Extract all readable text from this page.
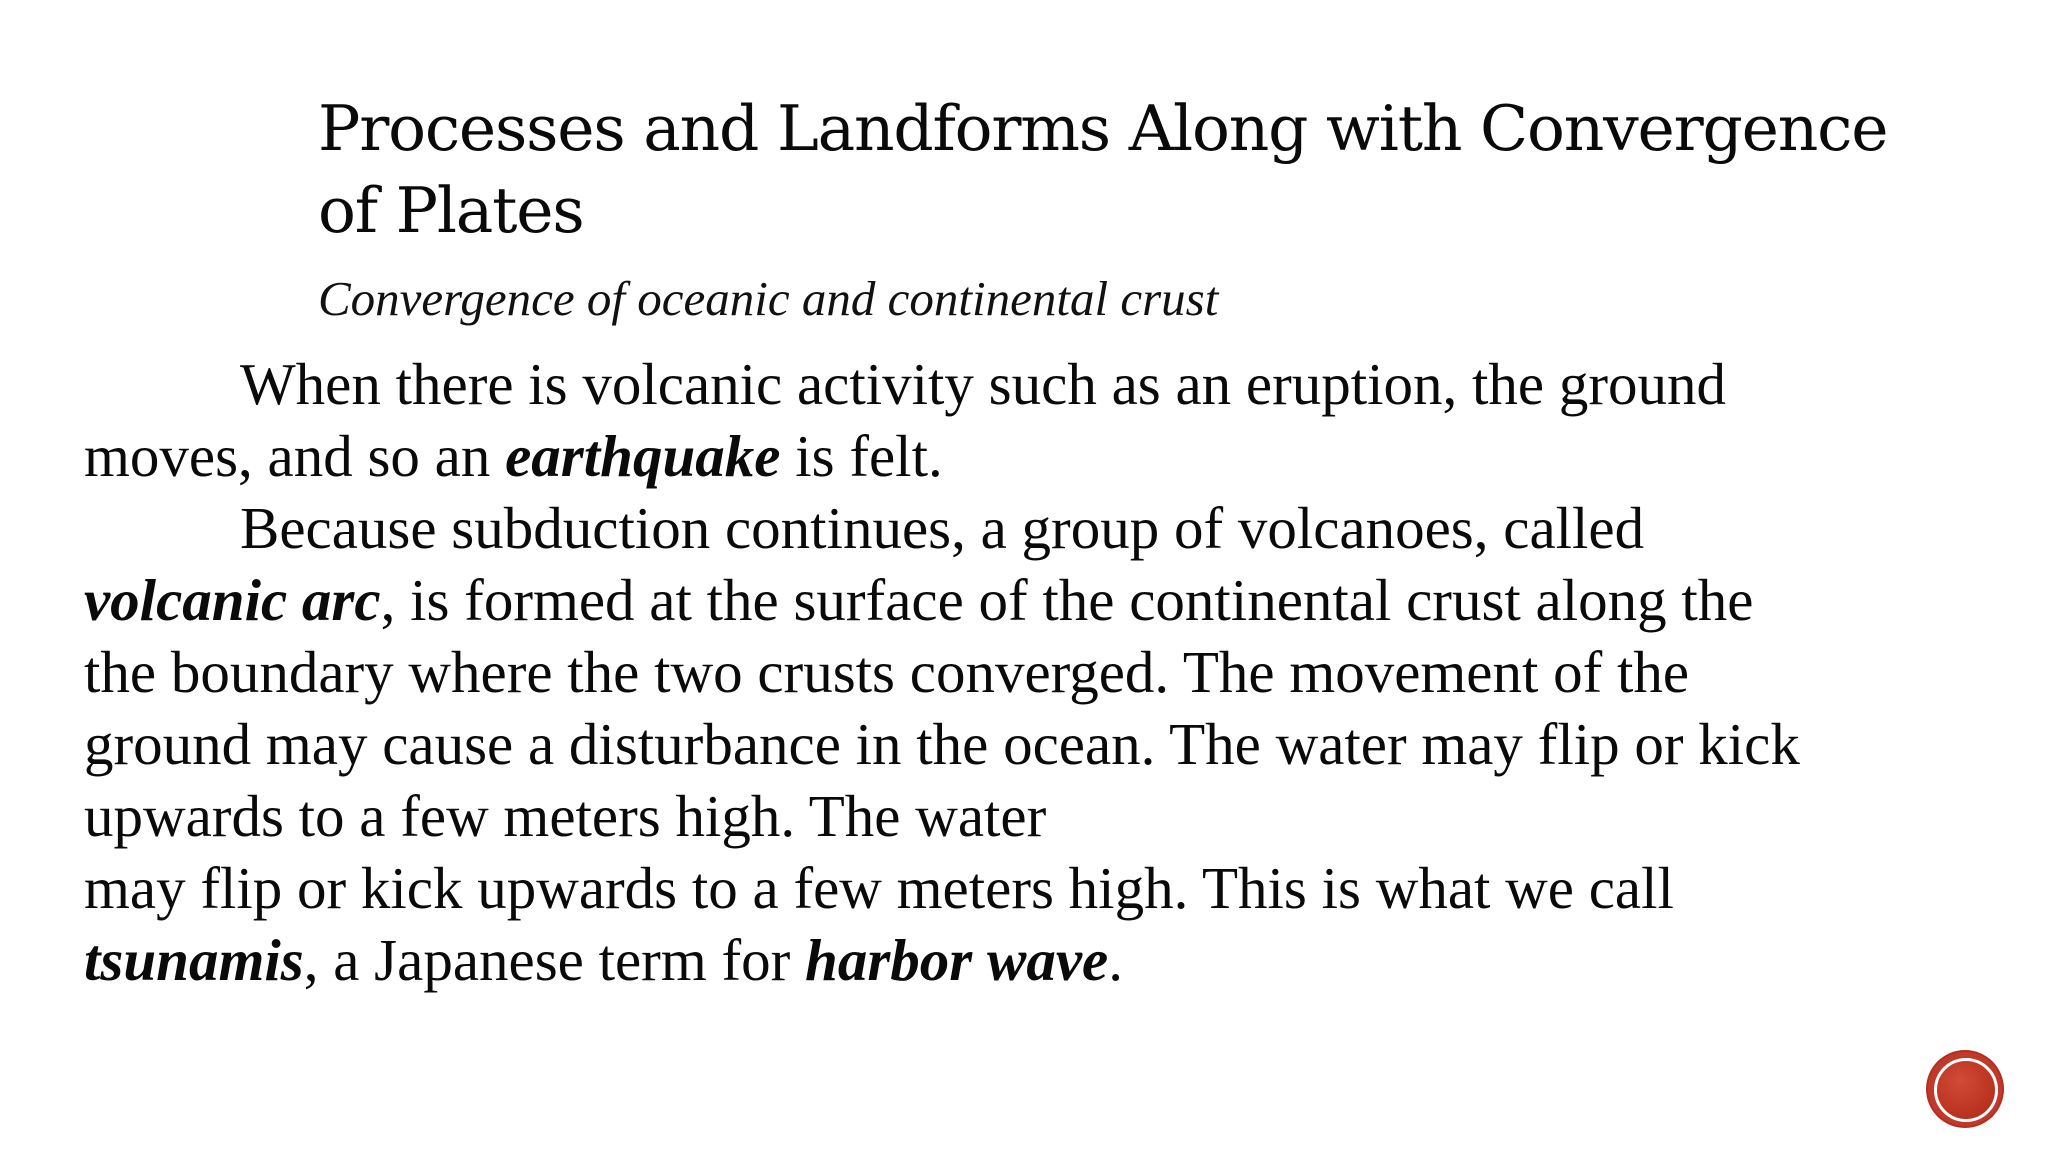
Processes and Landforms Along with Convergence of Plates

Convergence of oceanic and continental crust

When there is volcanic activity such as an eruption, the ground
moves, and so an earthquake is felt.
Because subduction continues, a group of volcanoes, called
volcanic arc, is formed at the surface of the continental crust along the
the boundary where the two crusts converged. The movement of the
ground may cause a disturbance in the ocean. The water may flip or kick
upwards to a few meters high. The water
may flip or kick upwards to a few meters high. This is what we call
tsunamis, a Japanese term for harbor wave.
